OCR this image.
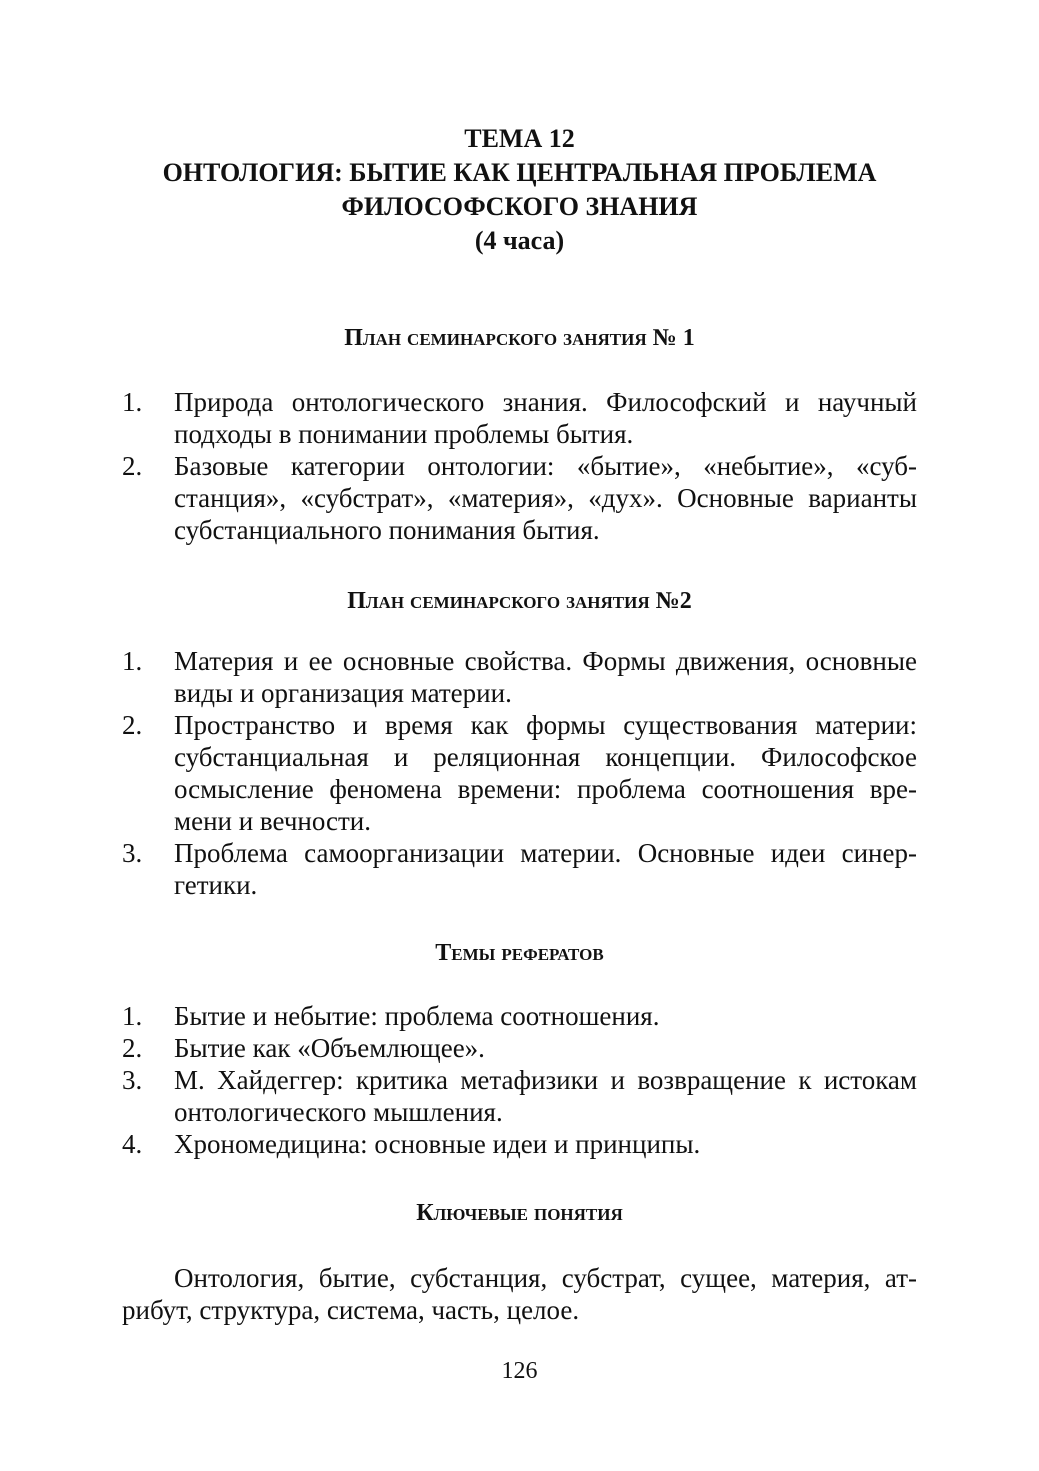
ТЕМА 12
ОНТОЛОГИЯ: БЫТИЕ КАК ЦЕНТРАЛЬНАЯ ПРОБЛЕМА
ФИЛОСОФСКОГО ЗНАНИЯ
(4 часа)
План семинарского занятия № 1
1.	Природа онтологического знания. Философский и научный подходы в понимании проблемы бытия.
2.	Базовые категории онтологии: «бытие», «небытие», «субстанция», «субстрат», «материя», «дух». Основные варианты субстанциального понимания бытия.
План семинарского занятия №2
1.	Материя и ее основные свойства. Формы движения, основные виды и организация материи.
2.	Пространство и время как формы существования материи: субстанциальная и реляционная концепции. Философское осмысление феномена времени: проблема соотношения времени и вечности.
3.	Проблема самоорганизации материи. Основные идеи синергетики.
Темы рефератов
1.	Бытие и небытие: проблема соотношения.
2.	Бытие как «Объемлющее».
3.	М. Хайдеггер: критика метафизики и возвращение к истокам онтологического мышления.
4.	Хрономедицина: основные идеи и принципы.
Ключевые понятия
Онтология, бытие, субстанция, субстрат, сущее, материя, атрибут, структура, система, часть, целое.
126
